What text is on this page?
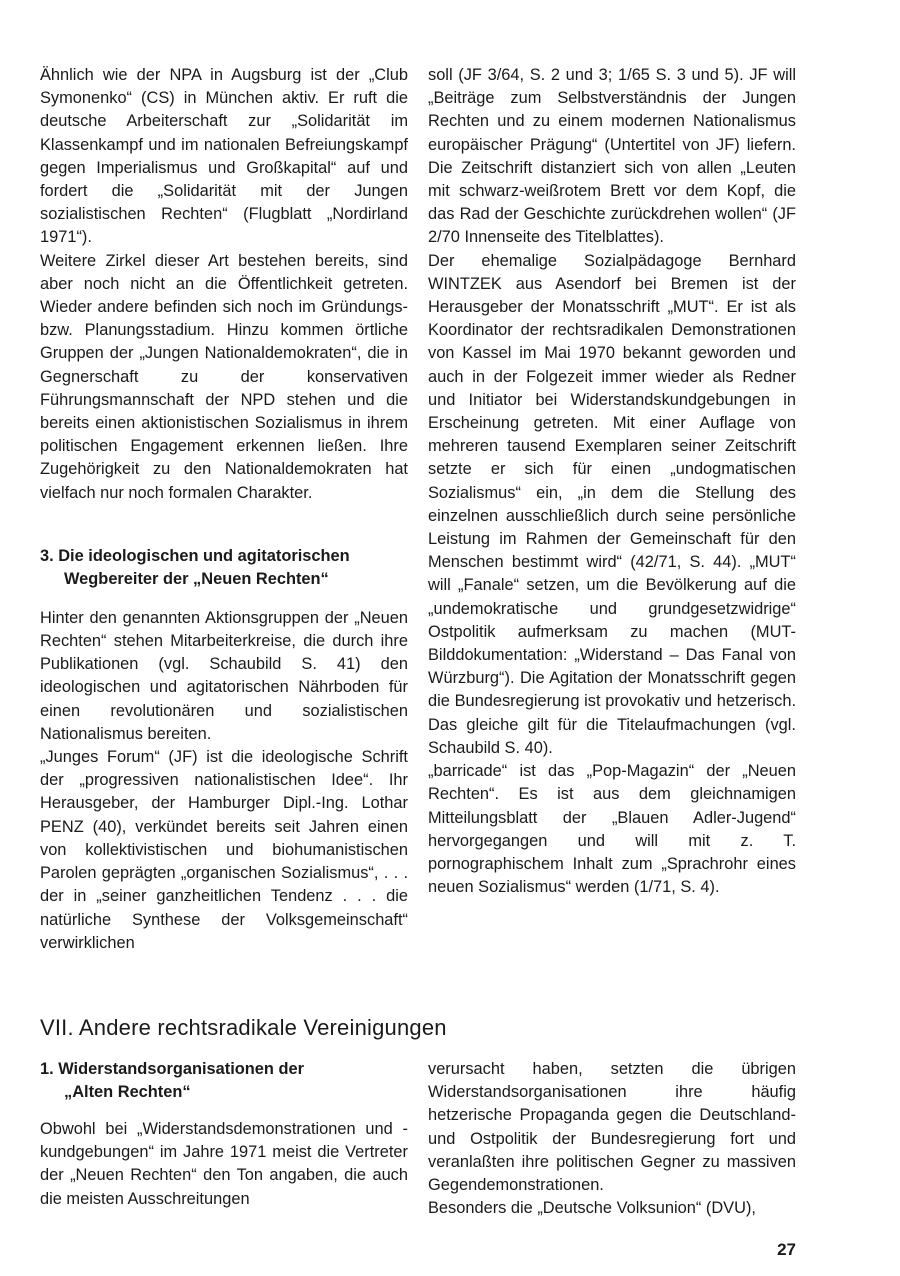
Ähnlich wie der NPA in Augsburg ist der „Club Symonenko“ (CS) in München aktiv. Er ruft die deutsche Arbeiterschaft zur „Solidarität im Klassenkampf und im nationalen Befreiungskampf gegen Imperialismus und Großkapital“ auf und fordert die „Solidarität mit der Jungen sozialistischen Rechten“ (Flugblatt „Nordirland 1971“).

Weitere Zirkel dieser Art bestehen bereits, sind aber noch nicht an die Öffentlichkeit getreten. Wieder andere befinden sich noch im Gründungs- bzw. Planungsstadium. Hinzu kommen örtliche Gruppen der „Jungen Nationaldemokraten“, die in Gegnerschaft zu der konservativen Führungsmannschaft der NPD stehen und die bereits einen aktionistischen Sozialismus in ihrem politischen Engagement erkennen ließen. Ihre Zugehörigkeit zu den Nationaldemokraten hat vielfach nur noch formalen Charakter.

3. Die ideologischen und agitatorischen
Wegbereiter der „Neuen Rechten“

Hinter den genannten Aktionsgruppen der „Neuen Rechten“ stehen Mitarbeiterkreise, die durch ihre Publikationen (vgl. Schaubild S. 41) den ideologischen und agitatorischen Nährboden für einen revolutionären und sozialistischen Nationalismus bereiten.

„Junges Forum“ (JF) ist die ideologische Schrift der „progressiven nationalistischen Idee“. Ihr Herausgeber, der Hamburger Dipl.-Ing. Lothar PENZ (40), verkündet bereits seit Jahren einen von kollektivistischen und biohumanistischen Parolen geprägten „organischen Sozialismus“, . . . der in „seiner ganzheitlichen Tendenz . . . die natürliche Synthese der Volksgemeinschaft“ verwirklichen

soll (JF 3/64, S. 2 und 3; 1/65 S. 3 und 5). JF will „Beiträge zum Selbstverständnis der Jungen Rechten und zu einem modernen Nationalismus europäischer Prägung“ (Untertitel von JF) liefern. Die Zeitschrift distanziert sich von allen „Leuten mit schwarz-weißrotem Brett vor dem Kopf, die das Rad der Geschichte zurückdrehen wollen“ (JF 2/70 Innenseite des Titelblattes).

Der ehemalige Sozialpädagoge Bernhard WINTZEK aus Asendorf bei Bremen ist der Herausgeber der Monatsschrift „MUT“. Er ist als Koordinator der rechtsradikalen Demonstrationen von Kassel im Mai 1970 bekannt geworden und auch in der Folgezeit immer wieder als Redner und Initiator bei Widerstandskundgebungen in Erscheinung getreten. Mit einer Auflage von mehreren tausend Exemplaren seiner Zeitschrift setzte er sich für einen „undogmatischen Sozialismus“ ein, „in dem die Stellung des einzelnen ausschließlich durch seine persönliche Leistung im Rahmen der Gemeinschaft für den Menschen bestimmt wird“ (42/71, S. 44). „MUT“ will „Fanale“ setzen, um die Bevölkerung auf die „undemokratische und grundgesetzwidrige“ Ostpolitik aufmerksam zu machen (MUT-Bilddokumentation: „Widerstand – Das Fanal von Würzburg“). Die Agitation der Monatsschrift gegen die Bundesregierung ist provokativ und hetzerisch. Das gleiche gilt für die Titelaufmachungen (vgl. Schaubild S. 40).

„barricade“ ist das „Pop-Magazin“ der „Neuen Rechten“. Es ist aus dem gleichnamigen Mitteilungsblatt der „Blauen Adler-Jugend“ hervorgegangen und will mit z. T. pornographischem Inhalt zum „Sprachrohr eines neuen Sozialismus“ werden (1/71, S. 4).

VII. Andere rechtsradikale Vereinigungen
1. Widerstandsorganisationen der
„Alten Rechten“

Obwohl bei „Widerstandsdemonstrationen und -kundgebungen“ im Jahre 1971 meist die Vertreter der „Neuen Rechten“ den Ton angaben, die auch die meisten Ausschreitungen

verursacht haben, setzten die übrigen Widerstandsorganisationen ihre häufig hetzerische Propaganda gegen die Deutschland- und Ostpolitik der Bundesregierung fort und veranlaßten ihre politischen Gegner zu massiven Gegendemonstrationen.

Besonders die „Deutsche Volksunion“ (DVU),

27
